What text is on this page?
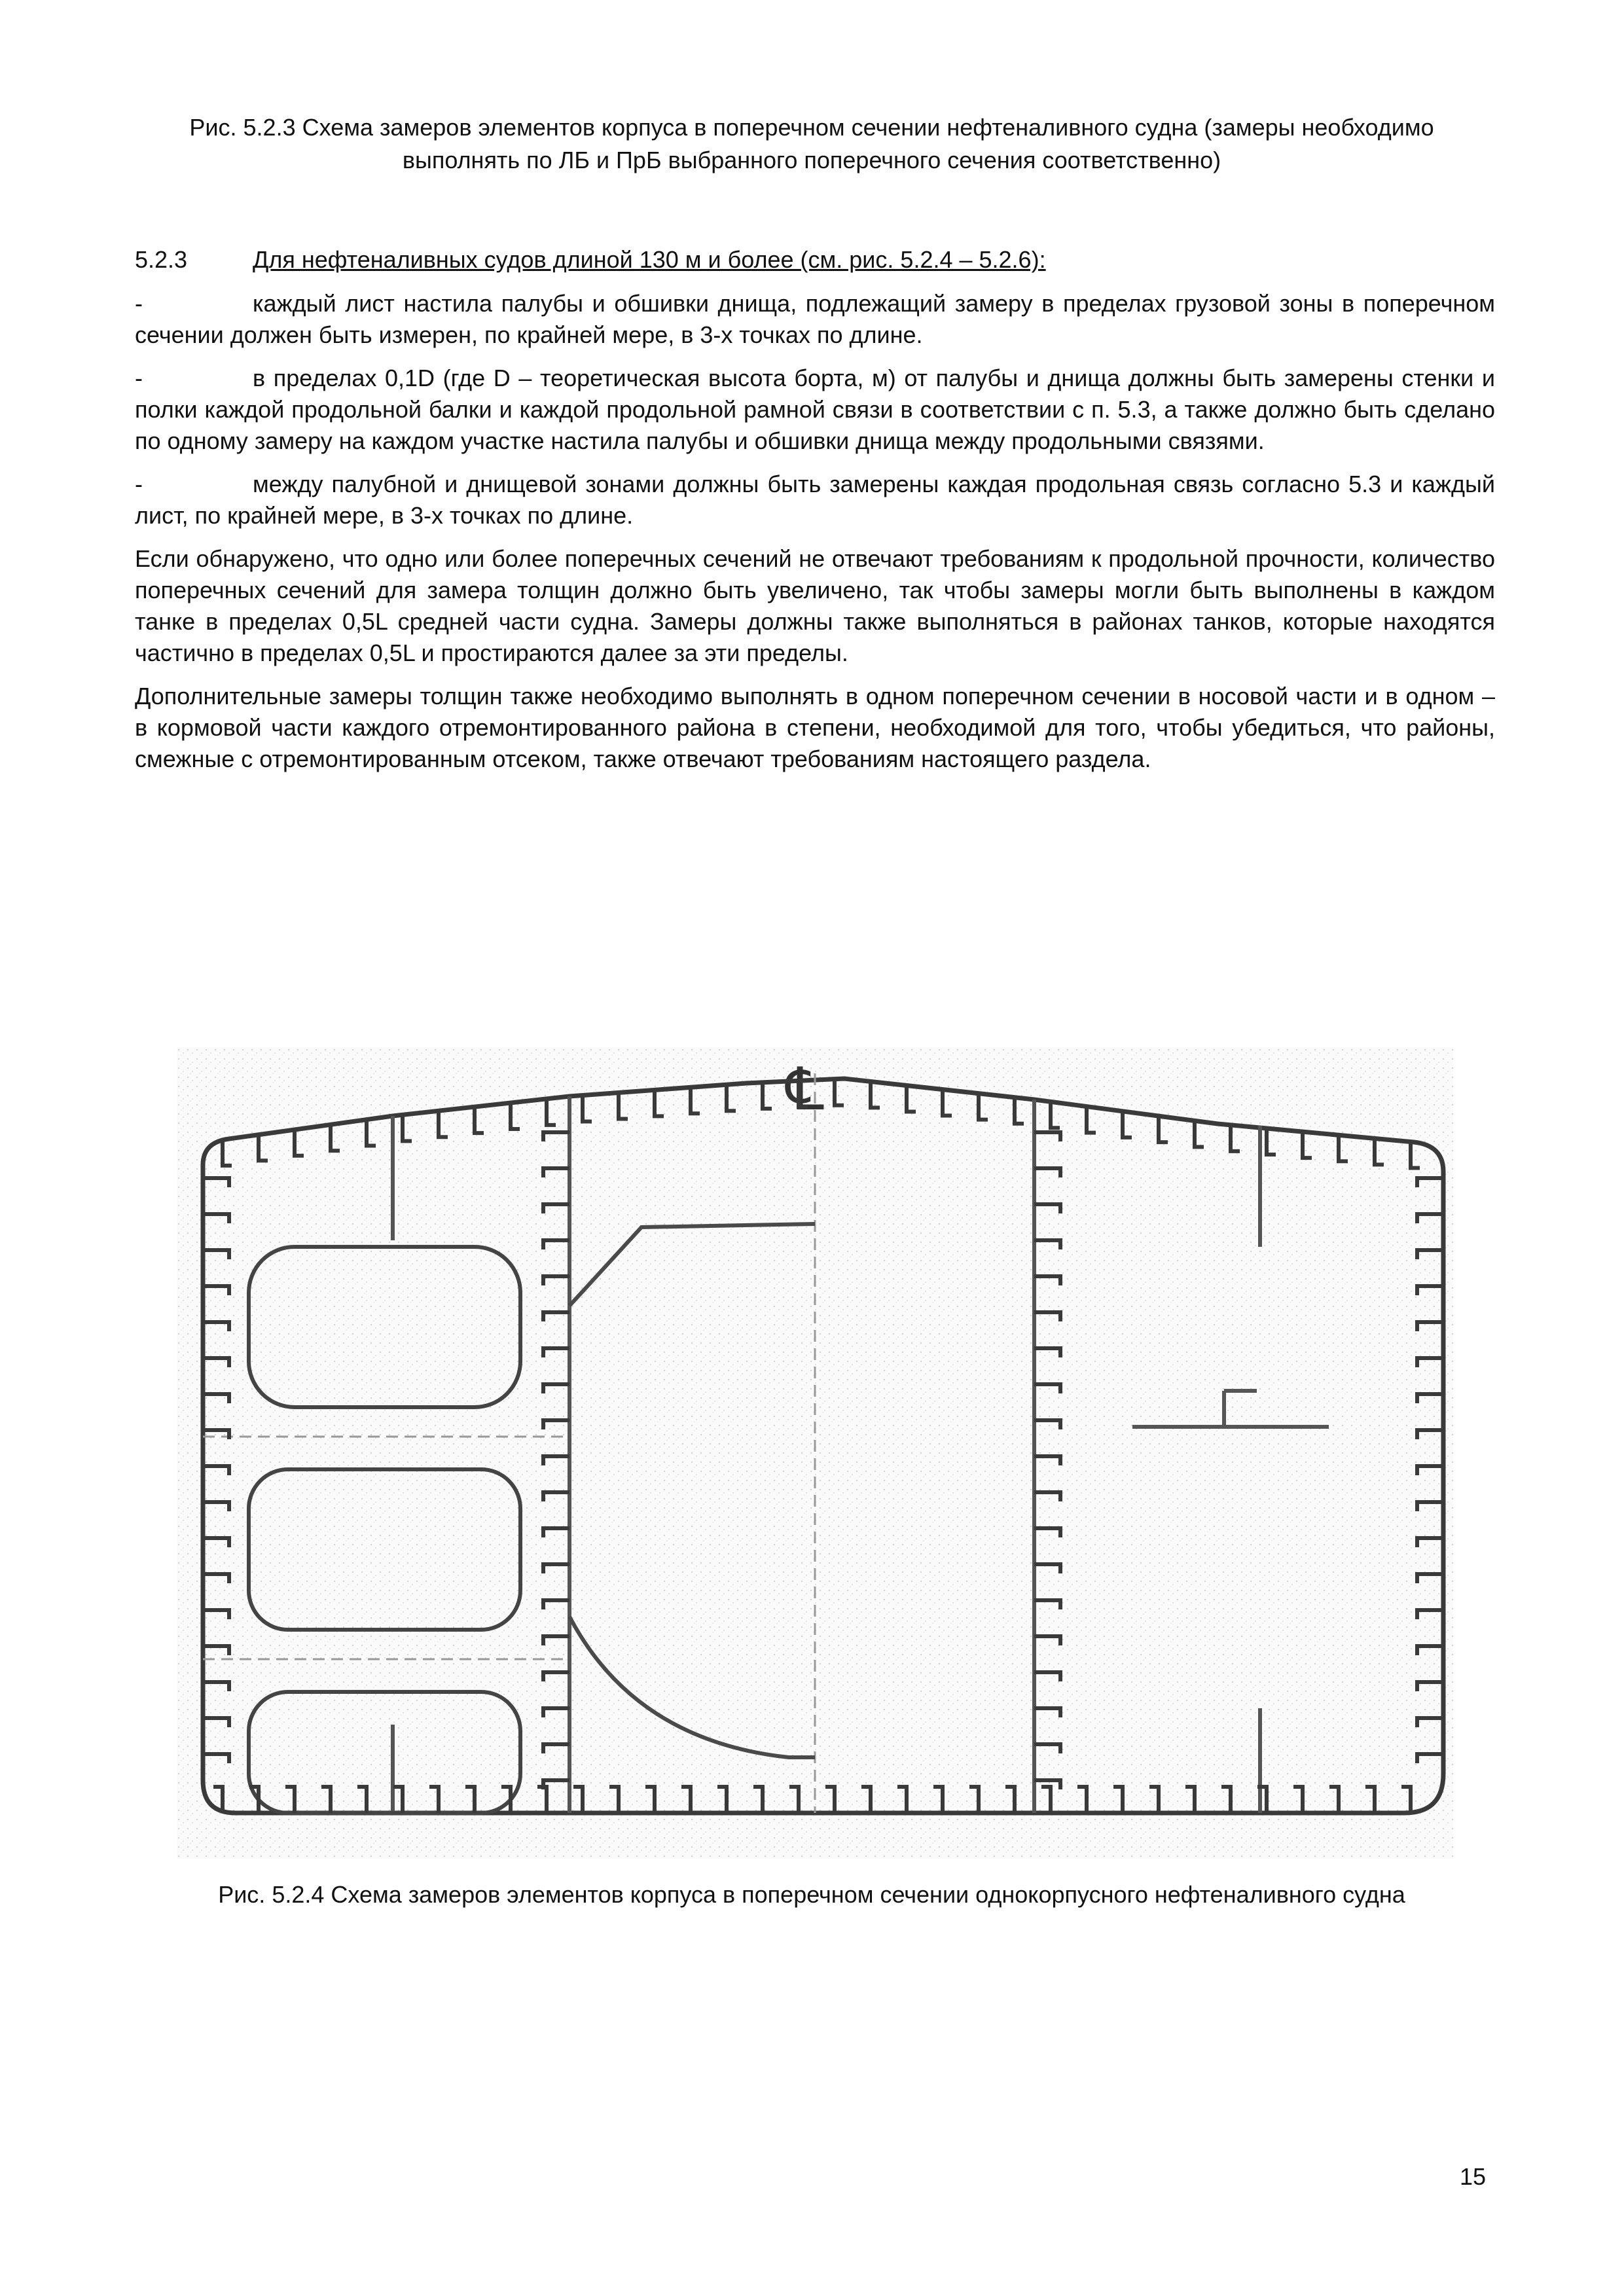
Рис. 5.2.3 Схема замеров элементов корпуса в поперечном сечении нефтеналивного судна (замеры необходимо выполнять по ЛБ и ПрБ выбранного поперечного сечения соответственно)
5.2.3	Для нефтеналивных судов длиной 130 м и более (см. рис. 5.2.4 – 5.2.6):
-	каждый лист настила палубы и обшивки днища, подлежащий замеру в пределах грузовой зоны в поперечном сечении должен быть измерен, по крайней мере, в 3-х точках по длине.
-	в пределах 0,1D (где D – теоретическая высота борта, м) от палубы и днища должны быть замерены стенки и полки каждой продольной балки и каждой продольной рамной связи в соответствии с п. 5.3, а также должно быть сделано по одному замеру на каждом участке настила палубы и обшивки днища между продольными связями.
-	между палубной и днищевой зонами должны быть замерены каждая продольная связь согласно 5.3 и каждый лист, по крайней мере, в 3-х точках по длине.
Если обнаружено, что одно или более поперечных сечений не отвечают требованиям к продольной прочности, количество поперечных сечений для замера толщин должно быть увеличено, так чтобы замеры могли быть выполнены в каждом танке в пределах 0,5L средней части судна. Замеры должны также выполняться в районах танков, которые находятся частично в пределах 0,5L и простираются далее за эти пределы.
Дополнительные замеры толщин также необходимо выполнять в одном поперечном сечении в носовой части и в одном – в кормовой части каждого отремонтированного района в степени, необходимой для того, чтобы убедиться, что районы, смежные с отремонтированным отсеком, также отвечают требованиям настоящего раздела.
℄
Рис. 5.2.4 Схема замеров элементов корпуса в поперечном сечении однокорпусного нефтеналивного судна
15
